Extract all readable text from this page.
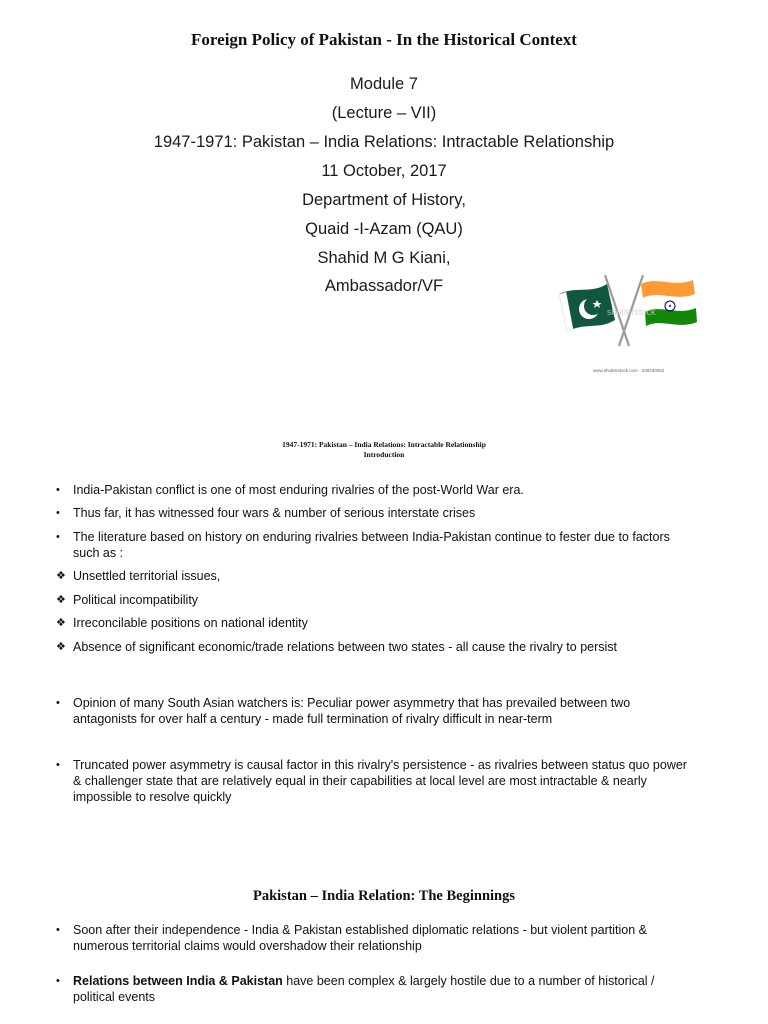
Foreign Policy of Pakistan - In the Historical Context
Module 7
(Lecture – VII)
1947-1971: Pakistan – India Relations: Intractable Relationship
11 October, 2017
Department of History,
Quaid -I-Azam (QAU)
Shahid M G Kiani,
Ambassador/VF
shutterstock
www.shutterstock.com · 338430062
1947-1971: Pakistan – India Relations: Intractable Relationship
Introduction
•	India-Pakistan conflict is one of most enduring rivalries of the post-World War era.
•	Thus far, it has witnessed four wars & number of serious interstate crises
•	The literature based on history on enduring rivalries between India-Pakistan continue to fester due to factors such as :
❖ Unsettled territorial issues,
❖ Political incompatibility
❖ Irreconcilable positions on national identity
❖ Absence of significant economic/trade relations between two states - all cause the rivalry to persist
•	Opinion of many South Asian watchers is: Peculiar power asymmetry that has prevailed between two antagonists for over half a century - made full termination of rivalry difficult in near-term
•	Truncated power asymmetry is causal factor in this rivalry's persistence - as rivalries between status quo power & challenger state that are relatively equal in their capabilities at local level are most intractable & nearly impossible to resolve quickly
Pakistan – India Relation: The Beginnings
•	Soon after their independence - India & Pakistan established diplomatic relations - but violent partition & numerous territorial claims would overshadow their relationship
•	Relations between India & Pakistan have been complex & largely hostile due to a number of historical / political events
